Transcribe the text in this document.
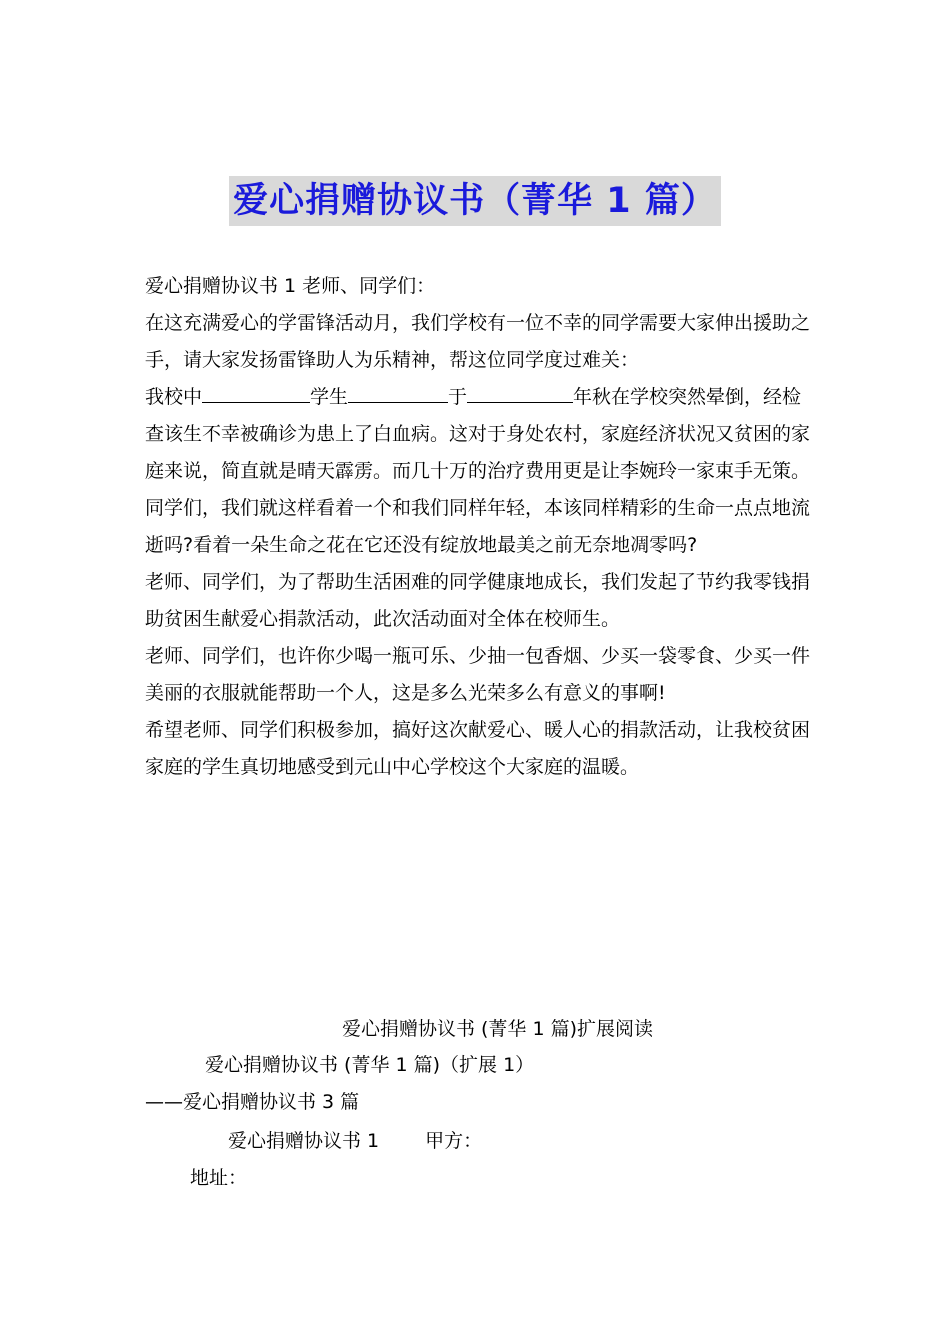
爱心捐赠协议书（菁华 1 篇）

爱心捐赠协议书 1 老师、同学们：

在这充满爱心的学雷锋活动月，我们学校有一位不幸的同学需要大家伸出援助之手，请大家发扬雷锋助人为乐精神，帮这位同学度过难关：

我校中	学生	于	年秋在学校突然晕倒，经检查该生不幸被确诊为患上了白血病。这对于身处农村，家庭经济状况又贫困的家庭来说，简直就是晴天霹雳。而几十万的治疗费用更是让李婉玲一家束手无策。

同学们，我们就这样看着一个和我们同样年轻，本该同样精彩的生命一点点地流逝吗?看着一朵生命之花在它还没有绽放地最美之前无奈地凋零吗?

老师、同学们，为了帮助生活困难的同学健康地成长，我们发起了节约我零钱捐助贫困生献爱心捐款活动，此次活动面对全体在校师生。

老师、同学们，也许你少喝一瓶可乐、少抽一包香烟、少买一袋零食、少买一件美丽的衣服就能帮助一个人，这是多么光荣多么有意义的事啊!

希望老师、同学们积极参加，搞好这次献爱心、暖人心的捐款活动，让我校贫困家庭的学生真切地感受到元山中心学校这个大家庭的温暖。

爱心捐赠协议书 (菁华 1 篇)扩展阅读
爱心捐赠协议书 (菁华 1 篇)（扩展 1）
——爱心捐赠协议书 3 篇
爱心捐赠协议书 1 甲方：
地址：
